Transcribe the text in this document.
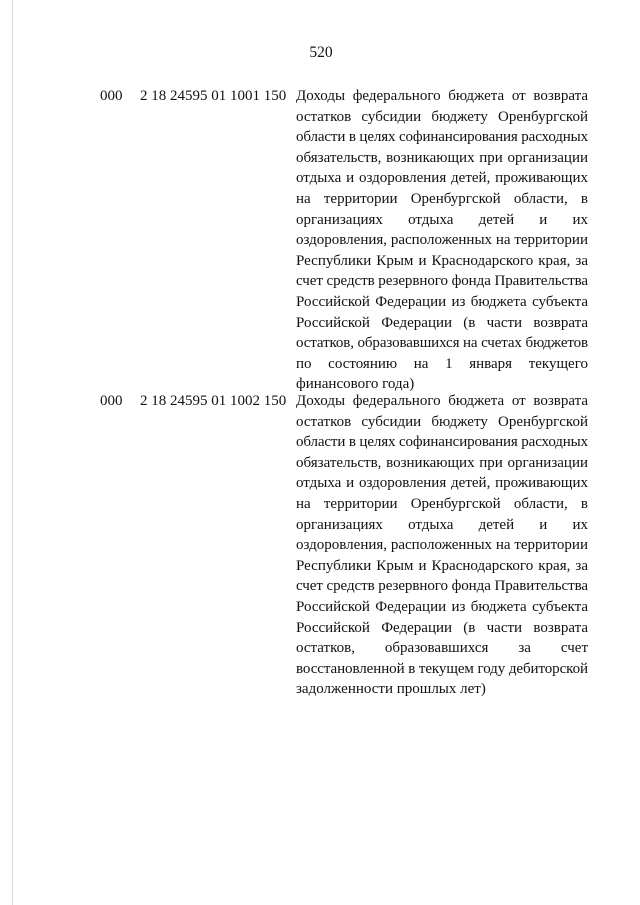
520
000 2 18 24595 01 1001 150 Доходы федерального бюджета от возврата
остатков субсидии бюджету Оренбургской
области в целях софинансирования расходных
обязательств, возникающих при организации
отдыха и оздоровления детей, проживающих
на территории Оренбургской области, в
организациях отдыха детей и их
оздоровления, расположенных на территории
Республики Крым и Краснодарского края, за
счет средств резервного фонда Правительства
Российской Федерации из бюджета субъекта
Российской Федерации (в части возврата
остатков, образовавшихся на счетах бюджетов
по состоянию на 1 января текущего
финансового года)
000 2 18 24595 01 1002 150 Доходы федерального бюджета от возврата
остатков субсидии бюджету Оренбургской
области в целях софинансирования расходных
обязательств, возникающих при организации
отдыха и оздоровления детей, проживающих
на территории Оренбургской области, в
организациях отдыха детей и их
оздоровления, расположенных на территории
Республики Крым и Краснодарского края, за
счет средств резервного фонда Правительства
Российской Федерации из бюджета субъекта
Российской Федерации (в части возврата
остатков, образовавшихся за счет
восстановленной в текущем году дебиторской
задолженности прошлых лет)
